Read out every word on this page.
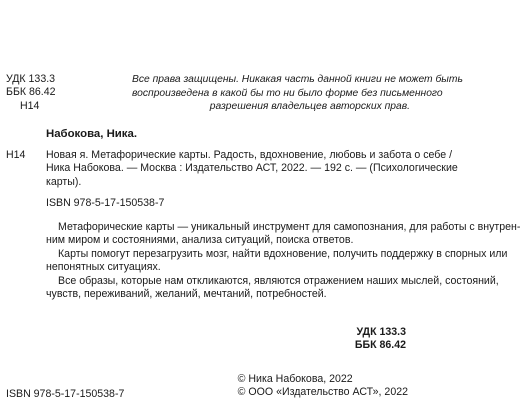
УДК 133.3
ББК 86.42
Н14
Все права защищены. Никакая часть данной книги не может быть
воспроизведена в какой бы то ни было форме без письменного
разрешения владельцев авторских прав.
Набокова, Ника.
Н14 Новая я. Метафорические карты. Радость, вдохновение, любовь и забота о себе /
Ника Набокова. — Москва : Издательство АСТ, 2022. — 192 с. — (Психологические
карты).
ISBN 978-5-17-150538-7
Метафорические карты — уникальный инструмент для самопознания, для работы с внутрен-
ним миром и состояниями, анализа ситуаций, поиска ответов.
Карты помогут перезагрузить мозг, найти вдохновение, получить поддержку в спорных или
непонятных ситуациях.
Все образы, которые нам откликаются, являются отражением наших мыслей, состояний,
чувств, переживаний, желаний, мечтаний, потребностей.
УДК 133.3
ББК 86.42
ISBN 978-5-17-150538-7
© Ника Набокова, 2022
© ООО «Издательство АСТ», 2022
